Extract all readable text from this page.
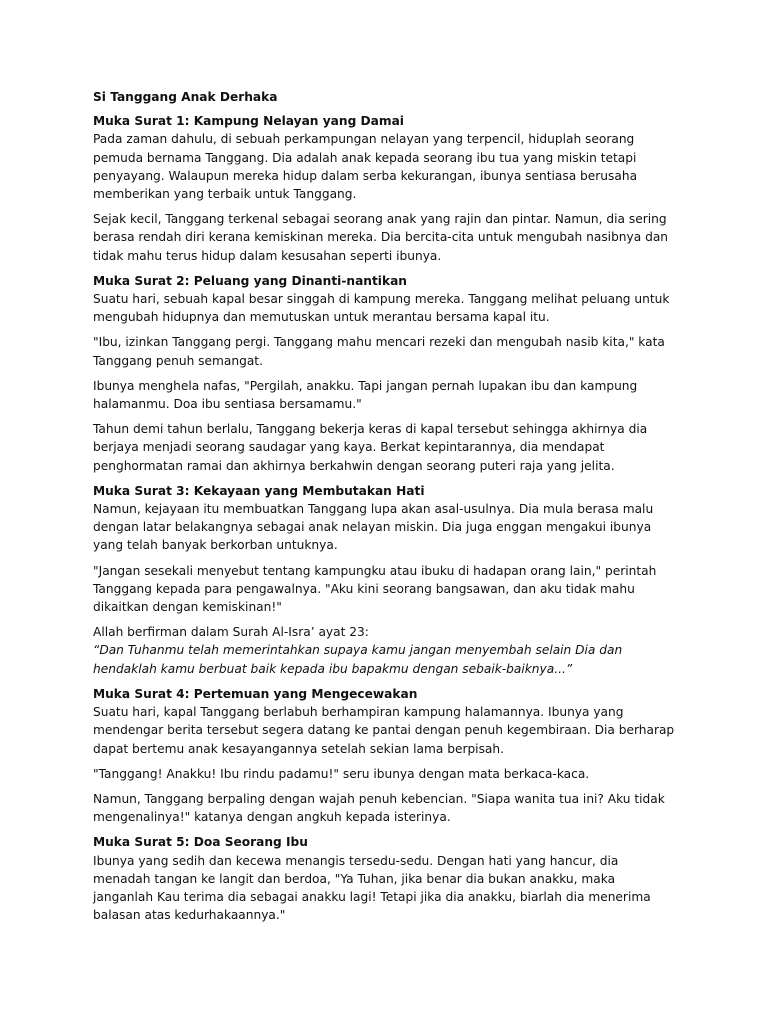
Si Tanggang Anak Derhaka
Muka Surat 1: Kampung Nelayan yang Damai

Pada zaman dahulu, di sebuah perkampungan nelayan yang terpencil, hiduplah seorang pemuda bernama Tanggang. Dia adalah anak kepada seorang ibu tua yang miskin tetapi penyayang. Walaupun mereka hidup dalam serba kekurangan, ibunya sentiasa berusaha memberikan yang terbaik untuk Tanggang.

Sejak kecil, Tanggang terkenal sebagai seorang anak yang rajin dan pintar. Namun, dia sering berasa rendah diri kerana kemiskinan mereka. Dia bercita-cita untuk mengubah nasibnya dan tidak mahu terus hidup dalam kesusahan seperti ibunya.

Muka Surat 2: Peluang yang Dinanti-nantikan

Suatu hari, sebuah kapal besar singgah di kampung mereka. Tanggang melihat peluang untuk mengubah hidupnya dan memutuskan untuk merantau bersama kapal itu.

"Ibu, izinkan Tanggang pergi. Tanggang mahu mencari rezeki dan mengubah nasib kita," kata Tanggang penuh semangat.

Ibunya menghela nafas, "Pergilah, anakku. Tapi jangan pernah lupakan ibu dan kampung halamanmu. Doa ibu sentiasa bersamamu."

Tahun demi tahun berlalu, Tanggang bekerja keras di kapal tersebut sehingga akhirnya dia berjaya menjadi seorang saudagar yang kaya. Berkat kepintarannya, dia mendapat penghormatan ramai dan akhirnya berkahwin dengan seorang puteri raja yang jelita.

Muka Surat 3: Kekayaan yang Membutakan Hati

Namun, kejayaan itu membuatkan Tanggang lupa akan asal-usulnya. Dia mula berasa malu dengan latar belakangnya sebagai anak nelayan miskin. Dia juga enggan mengakui ibunya yang telah banyak berkorban untuknya.

"Jangan sesekali menyebut tentang kampungku atau ibuku di hadapan orang lain," perintah Tanggang kepada para pengawalnya. "Aku kini seorang bangsawan, dan aku tidak mahu dikaitkan dengan kemiskinan!"

Allah berfirman dalam Surah Al-Isra’ ayat 23:
“Dan Tuhanmu telah memerintahkan supaya kamu jangan menyembah selain Dia dan hendaklah kamu berbuat baik kepada ibu bapakmu dengan sebaik-baiknya...”
Muka Surat 4: Pertemuan yang Mengecewakan

Suatu hari, kapal Tanggang berlabuh berhampiran kampung halamannya. Ibunya yang mendengar berita tersebut segera datang ke pantai dengan penuh kegembiraan. Dia berharap dapat bertemu anak kesayangannya setelah sekian lama berpisah.

"Tanggang! Anakku! Ibu rindu padamu!" seru ibunya dengan mata berkaca-kaca.

Namun, Tanggang berpaling dengan wajah penuh kebencian. "Siapa wanita tua ini? Aku tidak mengenalinya!" katanya dengan angkuh kepada isterinya.

Muka Surat 5: Doa Seorang Ibu

Ibunya yang sedih dan kecewa menangis tersedu-sedu. Dengan hati yang hancur, dia menadah tangan ke langit dan berdoa, "Ya Tuhan, jika benar dia bukan anakku, maka janganlah Kau terima dia sebagai anakku lagi! Tetapi jika dia anakku, biarlah dia menerima balasan atas kedurhakaannya."
